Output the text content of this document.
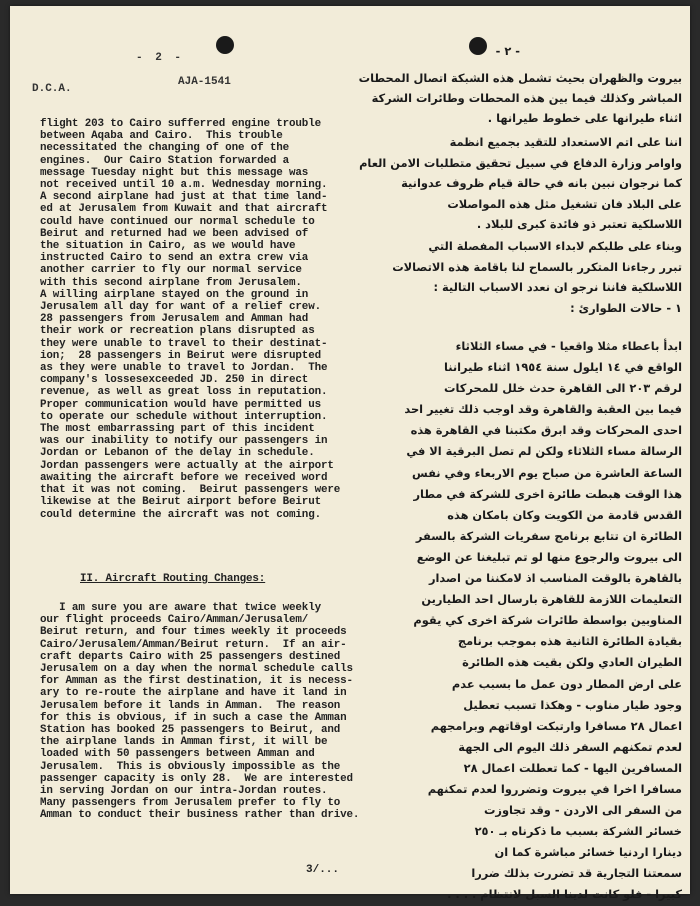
- 2 -
D.C.A.
AJA-1541
- ٢ -
flight 203 to Cairo sufferred engine trouble
between Aqaba and Cairo.  This trouble
necessitated the changing of one of the
engines.  Our Cairo Station forwarded a
message Tuesday night but this message was
not received until 10 a.m. Wednesday morning.
A second airplane had just at that time land-
ed at Jerusalem from Kuwait and that aircraft
could have continued our normal schedule to
Beirut and returned had we been advised of
the situation in Cairo, as we would have
instructed Cairo to send an extra crew via
another carrier to fly our normal service
with this second airplane from Jerusalem.
A willing airplane stayed on the ground in
Jerusalem all day for want of a relief crew.
28 passengers from Jerusalem and Amman had
their work or recreation plans disrupted as
they were unable to travel to their destinat-
ion;  28 passengers in Beirut were disrupted
as they were unable to travel to Jordan.  The
company's lossesexceeded JD. 250 in direct
revenue, as well as great loss in reputation.
Proper communication would have permitted us
to operate our schedule without interruption.
The most embarrassing part of this incident
was our inability to notify our passengers in
Jordan or Lebanon of the delay in schedule.
Jordan passengers were actually at the airport
awaiting the aircraft before we received word
that it was not coming.  Beirut passengers were
likewise at the Beirut airport before Beirut
could determine the aircraft was not coming.
II. Aircraft Routing Changes:
I am sure you are aware that twice weekly
our flight proceeds Cairo/Amman/Jerusalem/
Beirut return, and four times weekly it proceeds
Cairo/Jerusalem/Amman/Beirut return.  If an air-
craft departs Cairo with 25 passengers destined
Jerusalem on a day when the normal schedule calls
for Amman as the first destination, it is necess-
ary to re-route the airplane and have it land in
Jerusalem before it lands in Amman.  The reason
for this is obvious, if in such a case the Amman
Station has booked 25 passengers to Beirut, and
the airplane lands in Amman first, it will be
loaded with 50 passengers between Amman and
Jerusalem.  This is obviously impossible as the
passenger capacity is only 28.  We are interested
in serving Jordan on our intra-Jordan routes.
Many passengers from Jerusalem prefer to fly to
Amman to conduct their business rather than drive.
3/...
بيروت والظهران بحيث تشمل هذه الشبكة اتصال المحطات
المباشر وكذلك فيما بين هذه المحطات وطائرات الشركة
اثناء طيرانها على خطوط طيرانها .
اننا على اتم الاستعداد للتقيد بجميع انظمة
واوامر وزارة الدفاع في سبيل تحقيق متطلبات الامن العام
كما نرجوان نبين بانه في حالة قيام ظروف عدوانية
على البلاد فان تشغيل مثل هذه المواصلات
اللاسلكية تعتبر ذو فائدة كبرى للبلاد .
وبناء على طلبكم لابداء الاسباب المفصلة التي
تبرر رجاءنا المتكرر بالسماح لنا باقامة هذه الاتصالات
اللاسلكية فاننا نرجو ان نعدد الاسباب التالية :
١ - حالات الطوارئ :
ابدأ باعطاء مثلا واقعيا - في مساء الثلاثاء
الواقع في ١٤ ايلول سنة ١٩٥٤ اثناء طيراننا
لرقم ٢٠٣ الى القاهرة حدث خلل للمحركات
فيما بين العقبة والقاهرة وقد اوجب ذلك تغيير احد
احدى المحركات وقد ابرق مكتبنا في القاهرة هذه
الرسالة مساء الثلاثاء ولكن لم تصل البرقية الا في
الساعة العاشرة من صباح يوم الاربعاء وفي نفس
هذا الوقت هبطت طائرة اخرى للشركة في مطار
القدس قادمة من الكويت وكان بامكان هذه
الطائرة ان تتابع برنامج سفريات الشركة بالسفر
الى بيروت والرجوع منها لو تم تبليغنا عن الوضع
بالقاهرة بالوقت المناسب اذ لامكننا من اصدار
التعليمات اللازمة للقاهرة بارسال احد الطيارين
المناوبين بواسطة طائرات شركة اخرى كي يقوم
بقيادة الطائرة الثانية هذه بموجب برنامج
الطيران العادي ولكن بقيت هذه الطائرة
على ارض المطار دون عمل ما بسبب عدم
وجود طيار مناوب - وهكذا تسبب تعطيل
اعمال ٢٨ مسافرا وارتبكت اوقاتهم وبرامجهم
لعدم تمكنهم السفر ذلك اليوم الى الجهة
المسافرين اليها - كما تعطلت اعمال ٢٨
مسافرا اخرا في بيروت وتضرروا لعدم تمكنهم
من السفر الى الاردن - وقد تجاوزت
خسائر الشركة بسبب ما ذكرناه بـ ٢٥٠
دينارا اردنيا خسائر مباشرة كما ان
سمعتنا التجارية قد تضررت بذلك ضررا
كبيرا - فلو كانت لدينا السبل لانتظام . . . .
